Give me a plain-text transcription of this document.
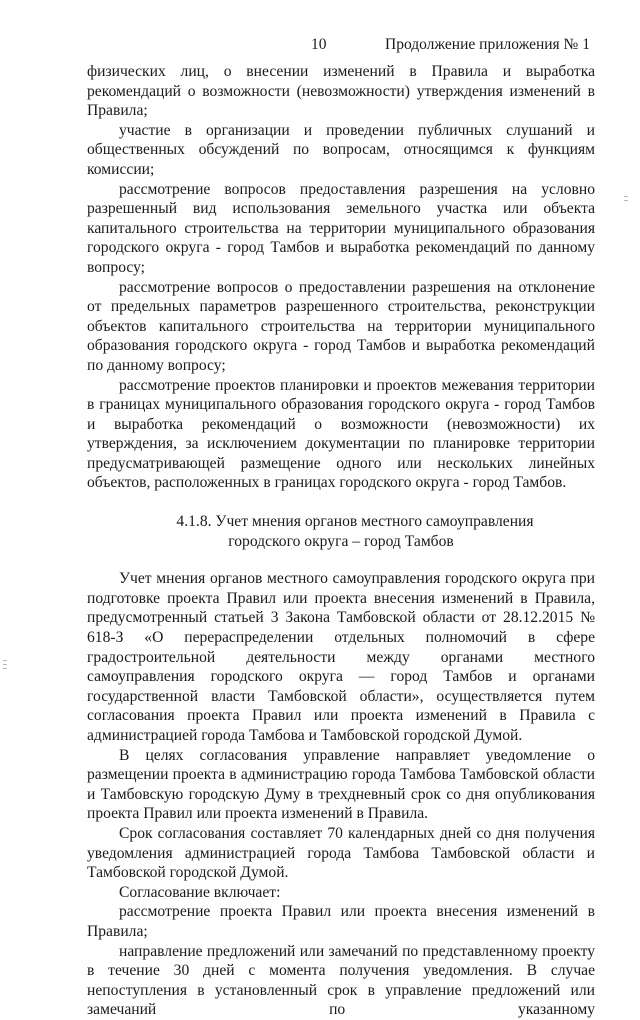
10	Продолжение приложения № 1

физических лиц, о внесении изменений в Правила и выработка рекомендаций о возможности (невозможности) утверждения изменений в Правила;

участие в организации и проведении публичных слушаний и общественных обсуждений по вопросам, относящимся к функциям комиссии;

рассмотрение вопросов предоставления разрешения на условно разрешенный вид использования земельного участка или объекта капитального строительства на территории муниципального образования городского округа - город Тамбов и выработка рекомендаций по данному вопросу;

рассмотрение вопросов о предоставлении разрешения на отклонение от предельных параметров разрешенного строительства, реконструкции объектов капитального строительства на территории муниципального образования городского округа - город Тамбов и выработка рекомендаций по данному вопросу;

рассмотрение проектов планировки и проектов межевания территории в границах муниципального образования городского округа - город Тамбов и выработка рекомендаций о возможности (невозможности) их утверждения, за исключением документации по планировке территории предусматривающей размещение одного или нескольких линейных объектов, расположенных в границах городского округа - город Тамбов.

4.1.8. Учет мнения органов местного самоуправления
городского округа – город Тамбов

Учет мнения органов местного самоуправления городского округа при подготовке проекта Правил или проекта внесения изменений в Правила, предусмотренный статьей 3 Закона Тамбовской области от 28.12.2015 № 618-З «О перераспределении отдельных полномочий в сфере градостроительной деятельности между органами местного самоуправления городского округа — город Тамбов и органами государственной власти Тамбовской области», осуществляется путем согласования проекта Правил или проекта изменений в Правила с администрацией города Тамбова и Тамбовской городской Думой.

В целях согласования управление направляет уведомление о размещении проекта в администрацию города Тамбова Тамбовской области и Тамбовскую городскую Думу в трехдневный срок со дня опубликования проекта Правил или проекта изменений в Правила.

Срок согласования составляет 70 календарных дней со дня получения уведомления администрацией города Тамбова Тамбовской области и Тамбовской городской Думой.

Согласование включает:

рассмотрение проекта Правил или проекта внесения изменений в Правила;

направление предложений или замечаний по представленному проекту в течение 30 дней с момента получения уведомления. В случае непоступления в установленный срок в управление предложений или замечаний по указанному
